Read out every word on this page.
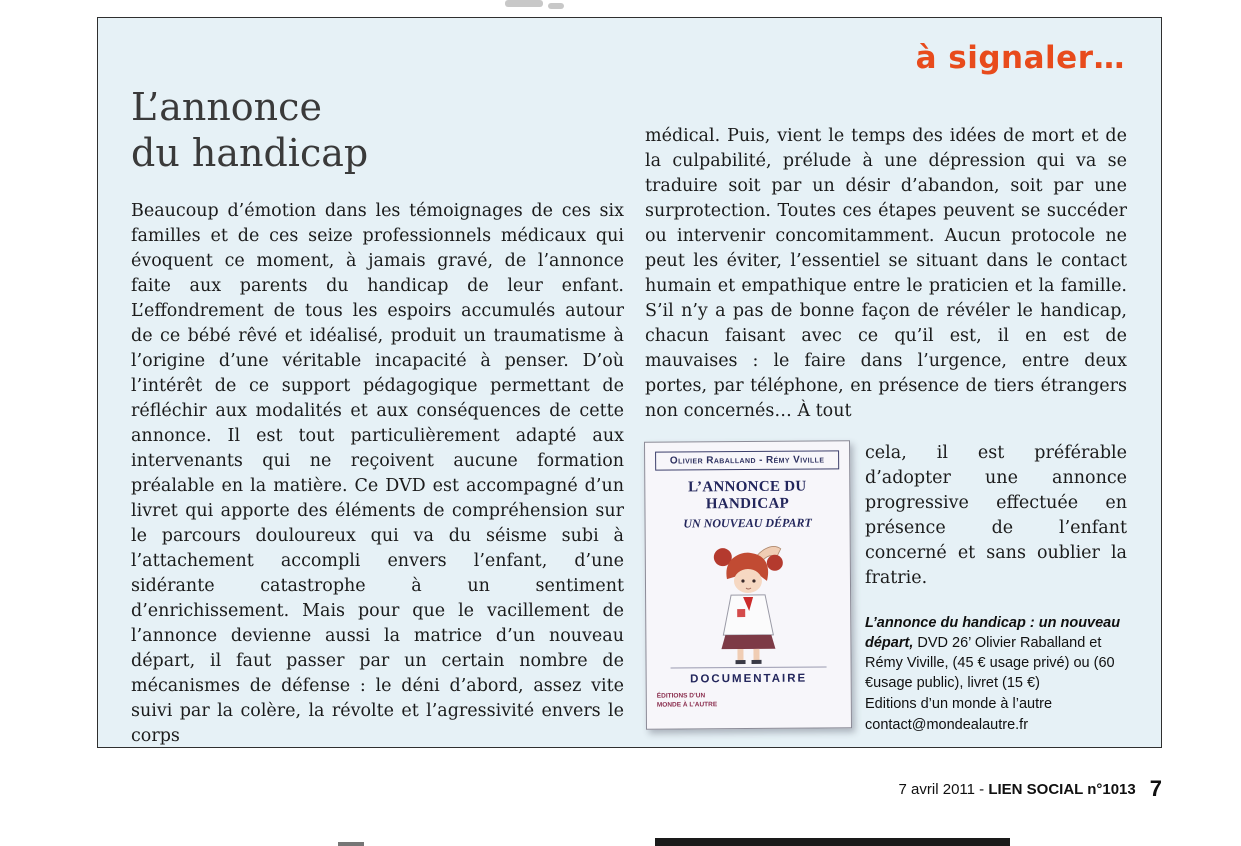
à signaler…
L’annonce
du handicap

Beaucoup d’émotion dans les témoignages de ces six familles et de ces seize professionnels médicaux qui évoquent ce moment, à jamais gravé, de l’annonce faite aux parents du handicap de leur enfant. L’effondrement de tous les espoirs accumulés autour de ce bébé rêvé et idéalisé, produit un traumatisme à l’origine d’une véritable incapacité à penser. D’où l’intérêt de ce support pédagogique permettant de réfléchir aux modalités et aux conséquences de cette annonce. Il est tout particulièrement adapté aux intervenants qui ne reçoivent aucune formation préalable en la matière. Ce DVD est accompagné d’un livret qui apporte des éléments de compréhension sur le parcours douloureux qui va du séisme subi à l’attachement accompli envers l’enfant, d’une sidérante catastrophe à un sentiment d’enrichissement. Mais pour que le vacillement de l’annonce devienne aussi la matrice d’un nouveau départ, il faut passer par un certain nombre de mécanismes de défense : le déni d’abord, assez vite suivi par la colère, la révolte et l’agressivité envers le corps

médical. Puis, vient le temps des idées de mort et de la culpabilité, prélude à une dépression qui va se traduire soit par un désir d’abandon, soit par une surprotection. Toutes ces étapes peuvent se succéder ou intervenir concomitamment. Aucun protocole ne peut les éviter, l’essentiel se situant dans le contact humain et empathique entre le praticien et la famille. S’il n’y a pas de bonne façon de révéler le handicap, chacun faisant avec ce qu’il est, il en est de mauvaises : le faire dans l’urgence, entre deux portes, par téléphone, en présence de tiers étrangers non concernés… À tout

Olivier Raballand - Rémy Viville
L’ANNONCE DU HANDICAP
UN NOUVEAU DÉPART
DOCUMENTAIRE
ÉDITIONS D’UN MONDE À L’AUTRE

cela, il est préférable d’adopter une annonce progressive effectuée en présence de l’enfant concerné et sans oublier la fratrie.

L’annonce du handicap : un nouveau départ, DVD 26’ Olivier Raballand et Rémy Viville, (45 € usage privé) ou (60 €usage public), livret (15 €)
Editions d’un monde à l’autre
contact@mondealautre.fr
7 avril 2011 - LIEN SOCIAL n°1013 7
